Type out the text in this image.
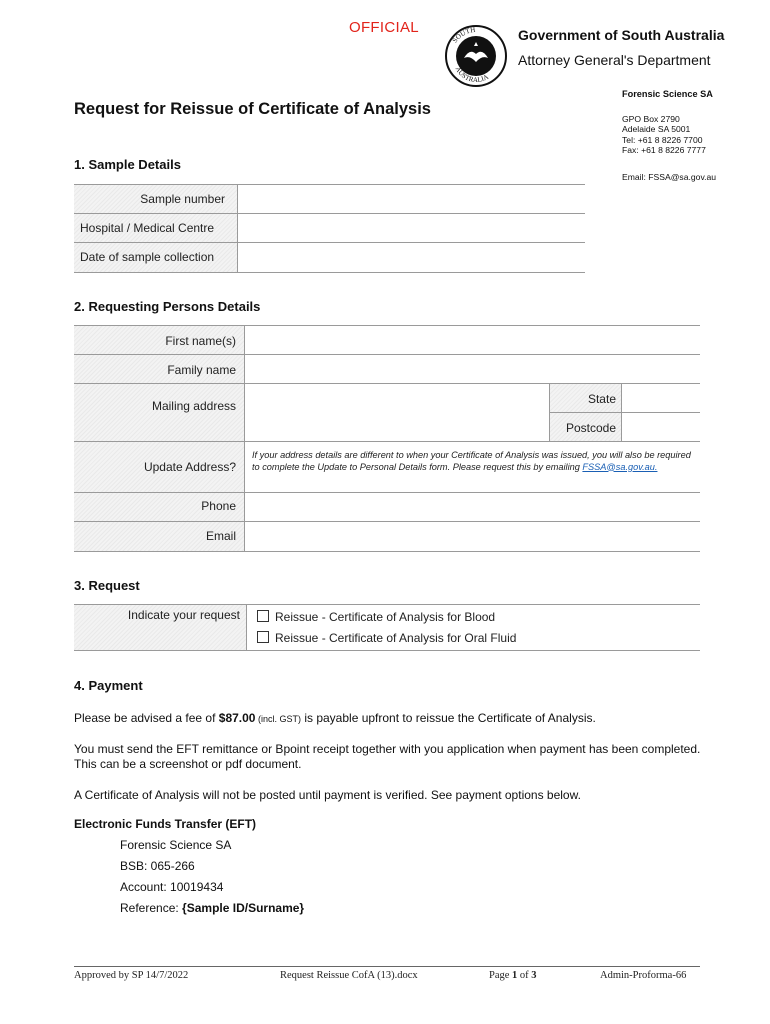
OFFICIAL
SOUTH
AUSTRALIA
Government of South Australia
Attorney General's Department
Forensic Science SA
GPO Box 2790
Adelaide SA 5001
Tel: +61 8 8226 7700
Fax: +61 8 8226 7777
Email: FSSA@sa.gov.au
Request for Reissue of Certificate of Analysis
1. Sample Details
Sample number
Hospital / Medical Centre
Date of sample collection
2. Requesting Persons Details
First name(s)
Family name
Mailing address	State
Postcode
Update Address?
If your address details are different to when your Certificate of Analysis was issued, you will also be required to complete the Update to Personal Details form. Please request this by emailing FSSA@sa.gov.au.
Phone
Email
3. Request
Indicate your request	Reissue - Certificate of Analysis for Blood
Reissue - Certificate of Analysis for Oral Fluid
4. Payment
Please be advised a fee of $87.00 (incl. GST) is payable upfront to reissue the Certificate of Analysis.
You must send the EFT remittance or Bpoint receipt together with you application when payment has been completed. This can be a screenshot or pdf document.
A Certificate of Analysis will not be posted until payment is verified. See payment options below.
Electronic Funds Transfer (EFT)
Forensic Science SA
BSB: 065-266
Account: 10019434
Reference: {Sample ID/Surname}
Approved by SP 14/7/2022	Request Reissue CofA (13).docx	Page 1 of 3	Admin-Proforma-66
